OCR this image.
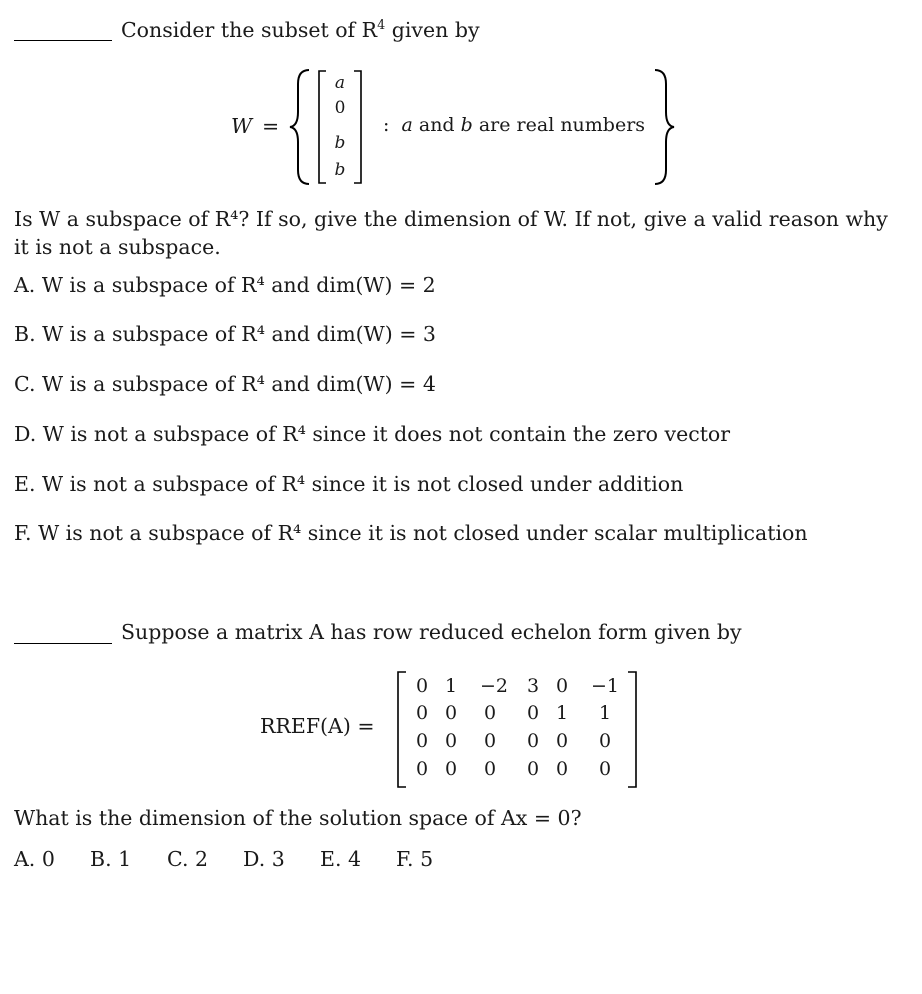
Consider the subset of $R^4$ given by
W =
a
0
b
b
: a and b are real numbers
Is W a subspace of R⁴? If so, give the dimension of W. If not, give a valid reason why
it is not a subspace.
A. W is a subspace of R⁴ and dim(W) = 2
B. W is a subspace of R⁴ and dim(W) = 3
C. W is a subspace of R⁴ and dim(W) = 4
D. W is not a subspace of R⁴ since it does not contain the zero vector
E. W is not a subspace of R⁴ since it is not closed under addition
F. W is not a subspace of R⁴ since it is not closed under scalar multiplication
Suppose a matrix A has row reduced echelon form given by
RREF(A) =
0 1	−2 3 0	−1
0 0 0 0 1 1
0 0 0 0 0 0
0 0 0 0 0 0
What is the dimension of the solution space of Ax = 0?
A. 0 B. 1 C. 2 D. 3 E. 4 F. 5
